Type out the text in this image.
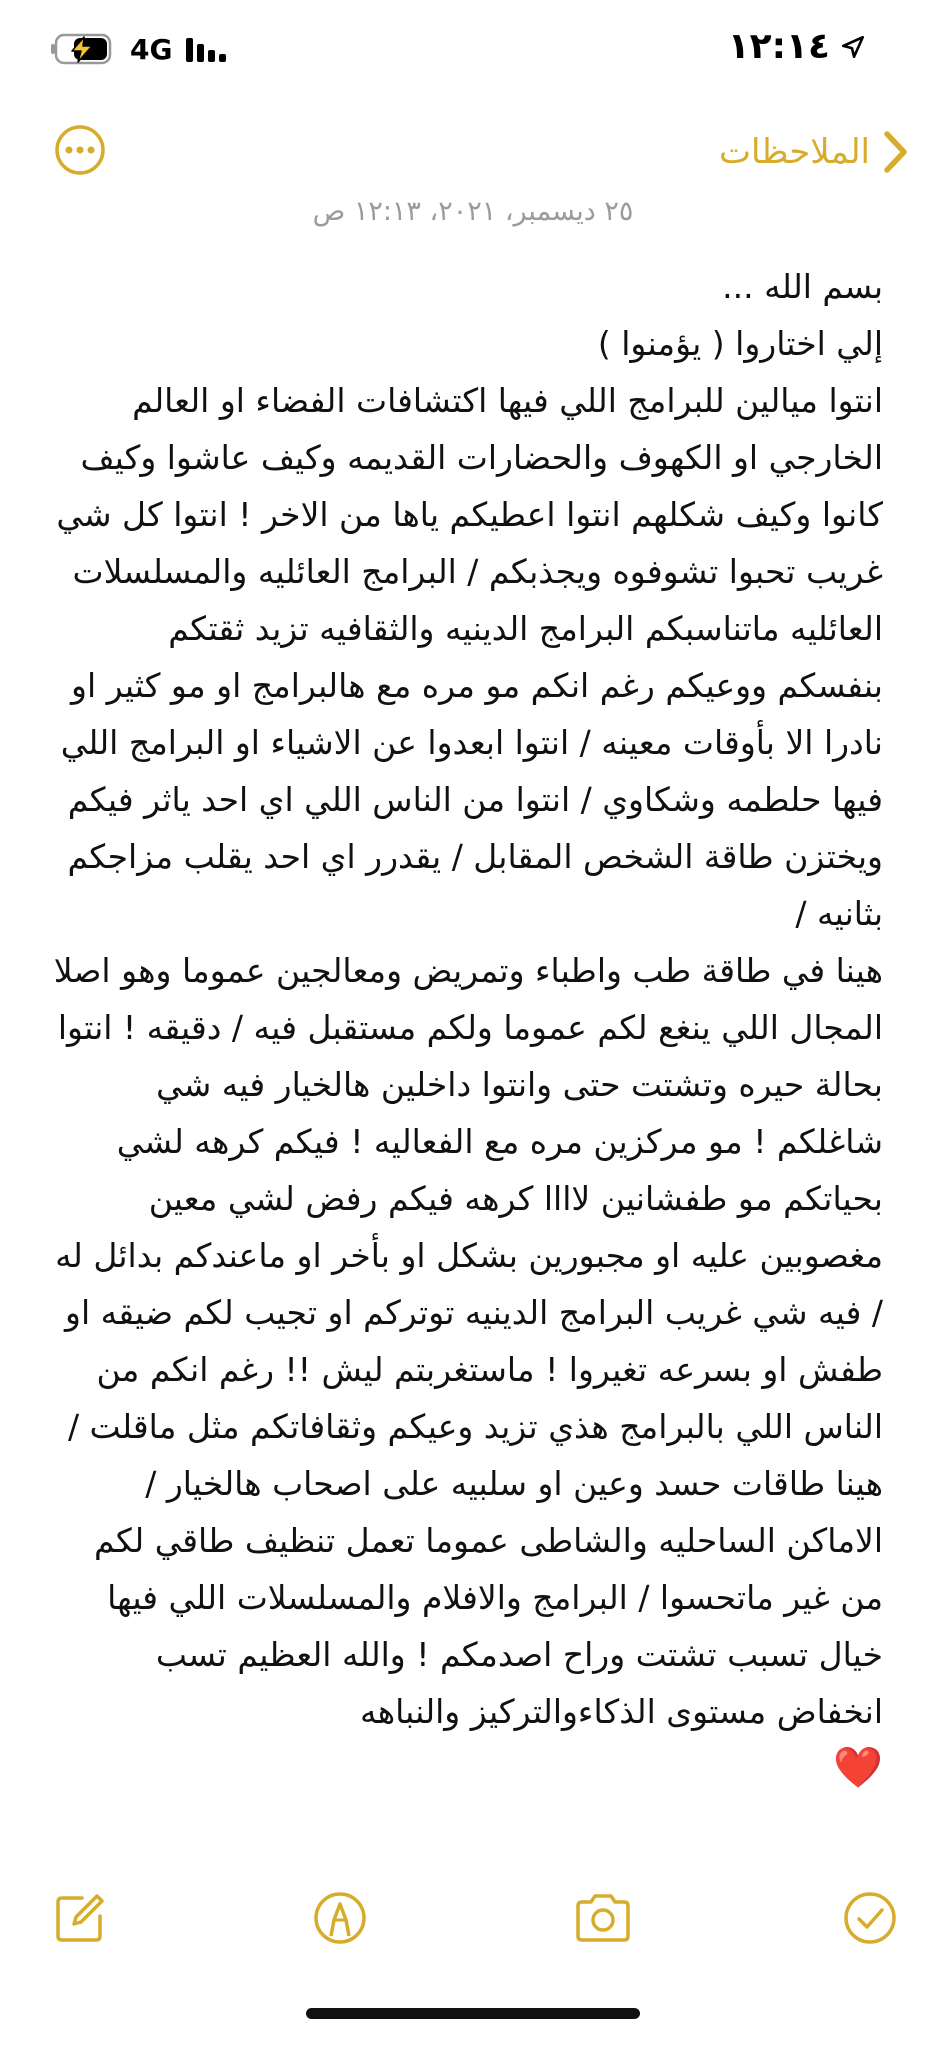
١٢:١٤
4G
الملاحظات
٢٥ ديسمبر، ٢٠٢١، ١٢:١٣ ص

بسم الله ...

إلي اختاروا ( يؤمنوا )

انتوا ميالين للبرامج اللي فيها اكتشافات الفضاء او العالم الخارجي او الكهوف والحضارات القديمه وكيف عاشوا وكيف كانوا وكيف شكلهم انتوا اعطيكم ياها من الاخر ! انتوا كل شي غريب تحبوا تشوفوه ويجذبكم / البرامج العائليه والمسلسلات العائليه ماتناسبكم البرامج الدينيه والثقافيه تزيد ثقتكم بنفسكم ووعيكم رغم انكم مو مره مع هالبرامج او مو كثير او نادرا الا بأوقات معينه / انتوا ابعدوا عن الاشياء او البرامج اللي فيها حلطمه وشكاوي / انتوا من الناس اللي اي احد ياثر فيكم ويختزن طاقة الشخص المقابل / يقدرر اي احد يقلب مزاجكم بثانيه /

هينا في طاقة طب واطباء وتمريض ومعالجين عموما وهو اصلا المجال اللي ينغع لكم عموما ولكم مستقبل فيه / دقيقه ! انتوا بحالة حيره وتشتت حتى وانتوا داخلين هالخيار فيه شي شاغلكم ! مو مركزين مره مع الفعاليه ! فيكم كرهه لشي بحياتكم مو طفشانين لاااا كرهه فيكم رفض لشي معين مغصوبين عليه او مجبورين بشكل او بأخر او ماعندكم بدائل له / فيه شي غريب البرامج الدينيه توتركم او تجيب لكم ضيقه او طفش او بسرعه تغيروا ! ماستغربتم ليش !! رغم انكم من الناس اللي بالبرامج هذي تزيد وعيكم وثقافاتكم مثل ماقلت / هينا طاقات حسد وعين او سلبيه على اصحاب هالخيار / الاماكن الساحليه والشاطى عموما تعمل تنظيف طاقي لكم من غير ماتحسوا / البرامج والافلام والمسلسلات اللي فيها خيال تسبب تشتت وراح اصدمكم ! والله العظيم تسب انخفاض مستوى الذكاءوالتركيز والنباهه

❤️
